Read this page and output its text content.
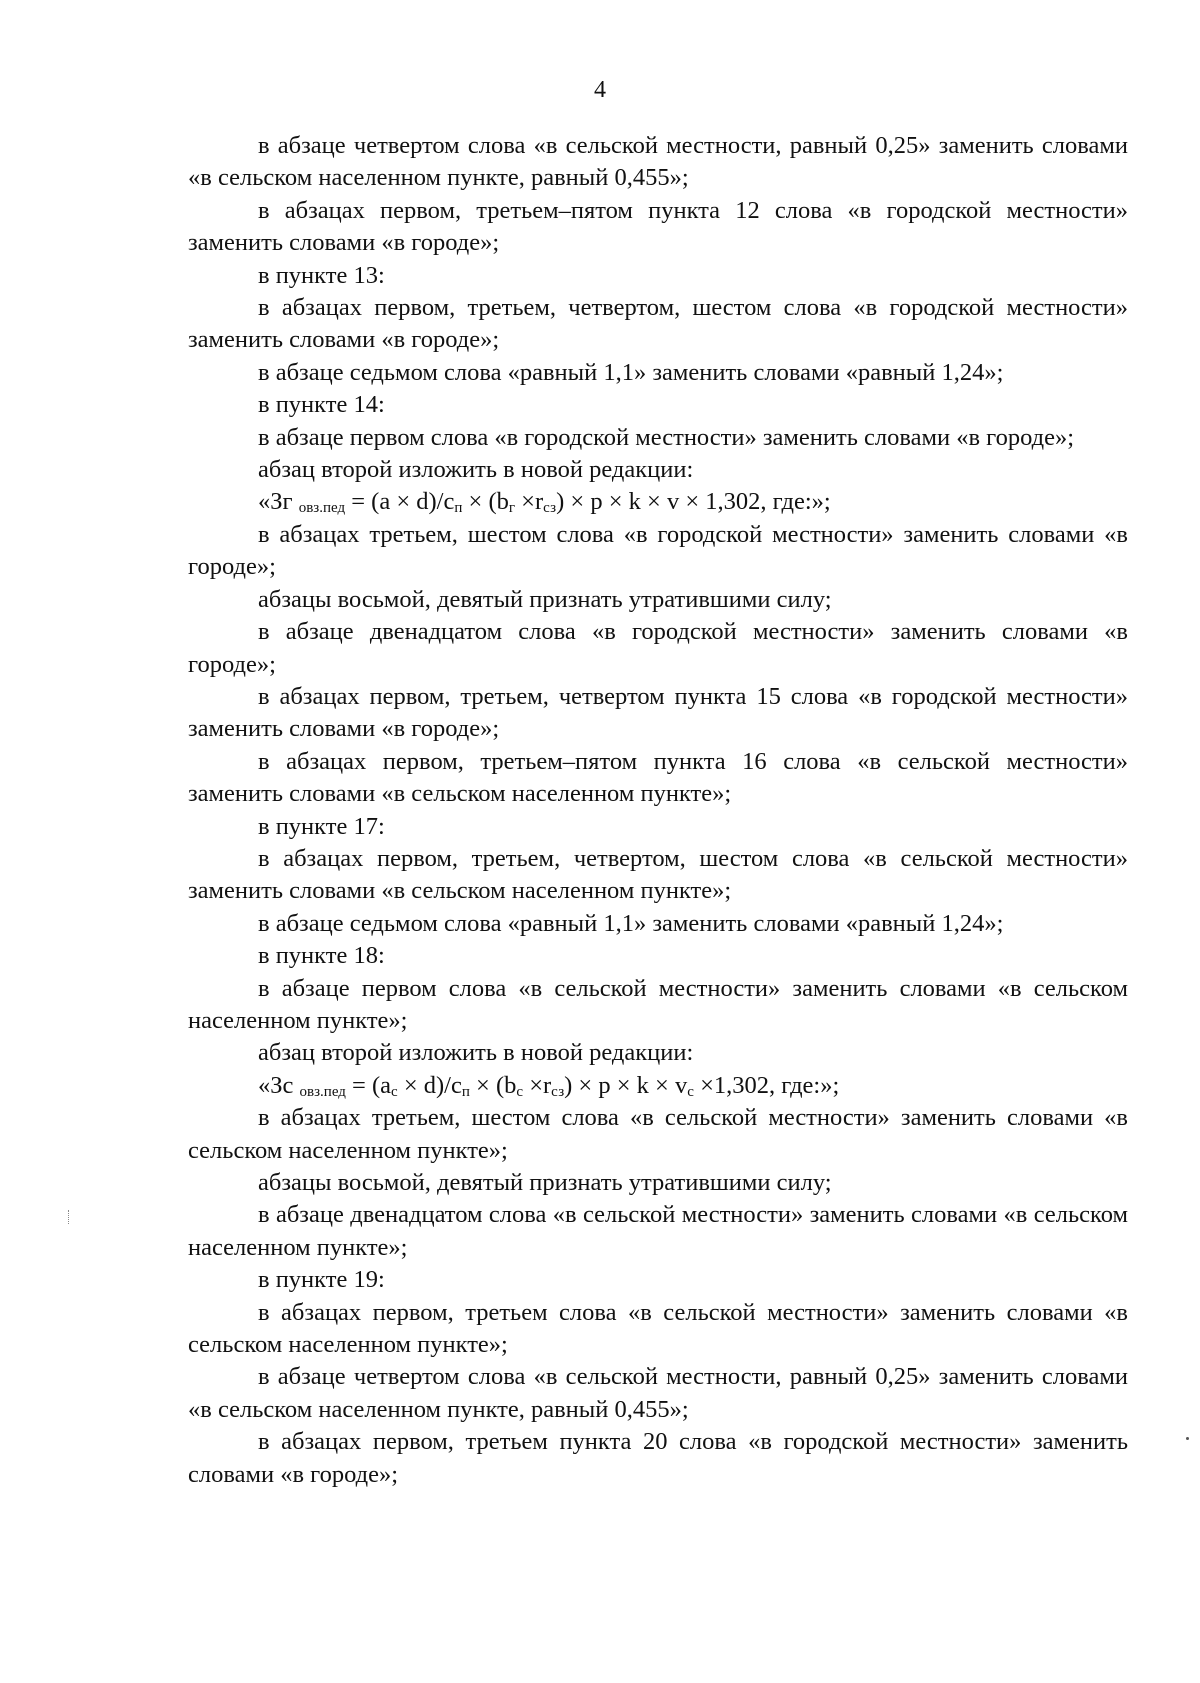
4

в абзаце четвертом слова «в сельской местности, равный 0,25» заменить словами «в сельском населенном пункте, равный 0,455»;

в абзацах первом, третьем–пятом пункта 12 слова «в городской местности» заменить словами «в городе»;

в пункте 13:

в абзацах первом, третьем, четвертом, шестом слова «в городской местности» заменить словами «в городе»;

в абзаце седьмом слова «равный 1,1» заменить словами «равный 1,24»;

в пункте 14:

в абзаце первом слова «в городской местности» заменить словами «в городе»;

абзац второй изложить в новой редакции:

«Зг $_{овз.пед} = (a \times d)/c_п \times (b_г \times r_{сз}) \times p \times k \times v \times 1,302$, где:»;

в абзацах третьем, шестом слова «в городской местности» заменить словами «в городе»;

абзацы восьмой, девятый признать утратившими силу;

в абзаце двенадцатом слова «в городской местности» заменить словами «в городе»;

в абзацах первом, третьем, четвертом пункта 15 слова «в городской местности» заменить словами «в городе»;

в абзацах первом, третьем–пятом пункта 16 слова «в сельской местности» заменить словами «в сельском населенном пункте»;

в пункте 17:

в абзацах первом, третьем, четвертом, шестом слова «в сельской местности» заменить словами «в сельском населенном пункте»;

в абзаце седьмом слова «равный 1,1» заменить словами «равный 1,24»;

в пункте 18:

в абзаце первом слова «в сельской местности» заменить словами «в сельском населенном пункте»;

абзац второй изложить в новой редакции:

«Зс $_{овз.пед} = (a_с \times d)/c_п \times (b_с \times r_{сз}) \times p \times k \times v_с \times 1,302$, где:»;

в абзацах третьем, шестом слова «в сельской местности» заменить словами «в сельском населенном пункте»;

абзацы восьмой, девятый признать утратившими силу;

в абзаце двенадцатом слова «в сельской местности» заменить словами «в сельском населенном пункте»;

в пункте 19:

в абзацах первом, третьем слова «в сельской местности» заменить словами «в сельском населенном пункте»;

в абзаце четвертом слова «в сельской местности, равный 0,25» заменить словами «в сельском населенном пункте, равный 0,455»;

в абзацах первом, третьем пункта 20 слова «в городской местности» заменить словами «в городе»;
